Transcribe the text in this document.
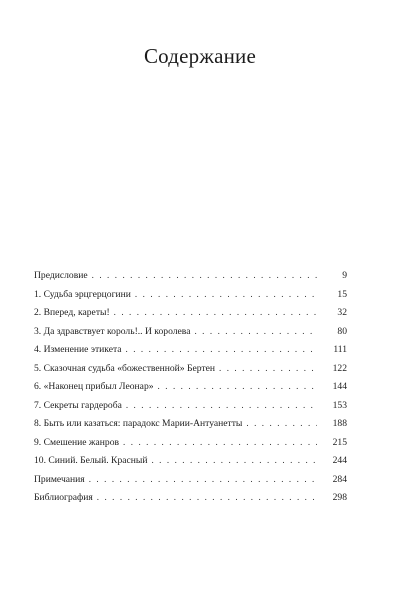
Содержание
Предисловие . . .	9
1. Судьба эрцгерцогини . . .	15
2. Вперед, кареты! . . .	32
3. Да здравствует король!.. И королева . . .	80
4. Изменение этикета . . .	111
5. Сказочная судьба «божественной» Бертен . . .	122
6. «Наконец прибыл Леонар» . . .	144
7. Секреты гардероба . . .	153
8. Быть или казаться: парадокс Марии-Антуанетты . . .	188
9. Смешение жанров . . .	215
10. Синий. Белый. Красный . . .	244
Примечания . . .	284
Библиография . . .	298
